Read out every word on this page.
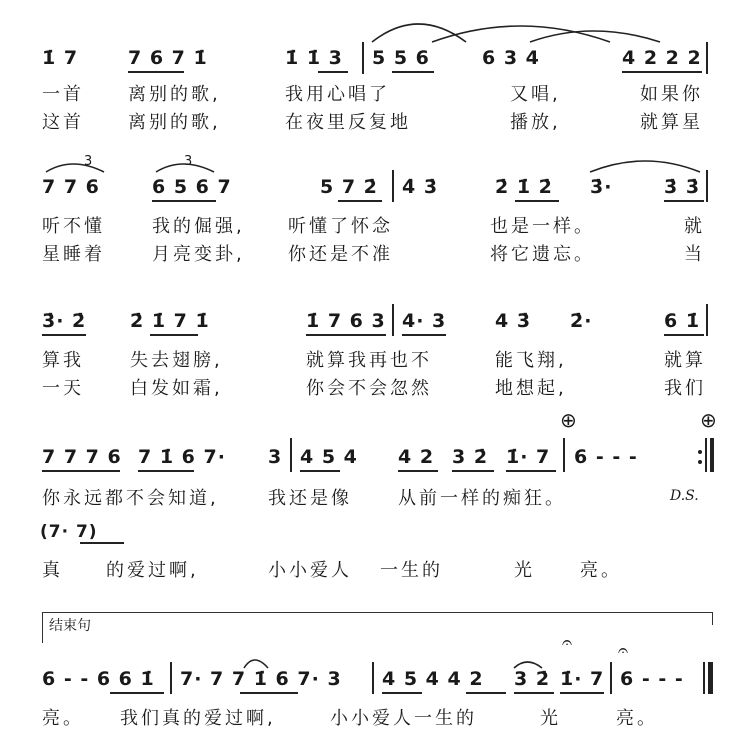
1̇ 7	7 6 7 1̇	1̇ 1̇ 3 5 5 6	6 3 4	4 2 2 2
一首 离别的歌,	我用心唱了	又唱,	如果你
这首 离别的歌,	在夜里反复地	播放,	就算星
3	3
7 7 6	6 5 6 7	5 7 2̇ 4̇ 3̇	2̇ 1̇ 2̇ 3̇·	3̇ 3̇
听不懂	我的倔强, 听懂了怀念	也是一样。	就
星睡着	月亮变卦, 你还是不准	将它遗忘。	当
3̇· 2̇ 2̇ 1̇ 7 1̇	1̇ 7 6 3 4· 3	4 3̇ 2̇·	6 1̇
算我	失去翅膀,	就算我再也不	能飞翔,	就算
一天	白发如霜,	你会不会忽然	地想起,	我们
⊕	⊕
7 7 7 6 7 1̇ 6 7· 3 4 5 4 4 2 3 2̇ 1̇· 7 6 - - -
你永远都不会知道,	我还是像	从前一样的痴狂。	D.S.
(7· 7)
真 的爱过啊,	小小爱人 一生的	光	亮。
结束句
6 - - 6 6 1̇ 7· 7 7 1̇ 6 7· 3 4 5 4 4 2 3 2̇ 1̇· 7 6 - - -
𝄐	𝄐
亮。 我们真的爱过啊,	小小爱人一生的	光	亮。
